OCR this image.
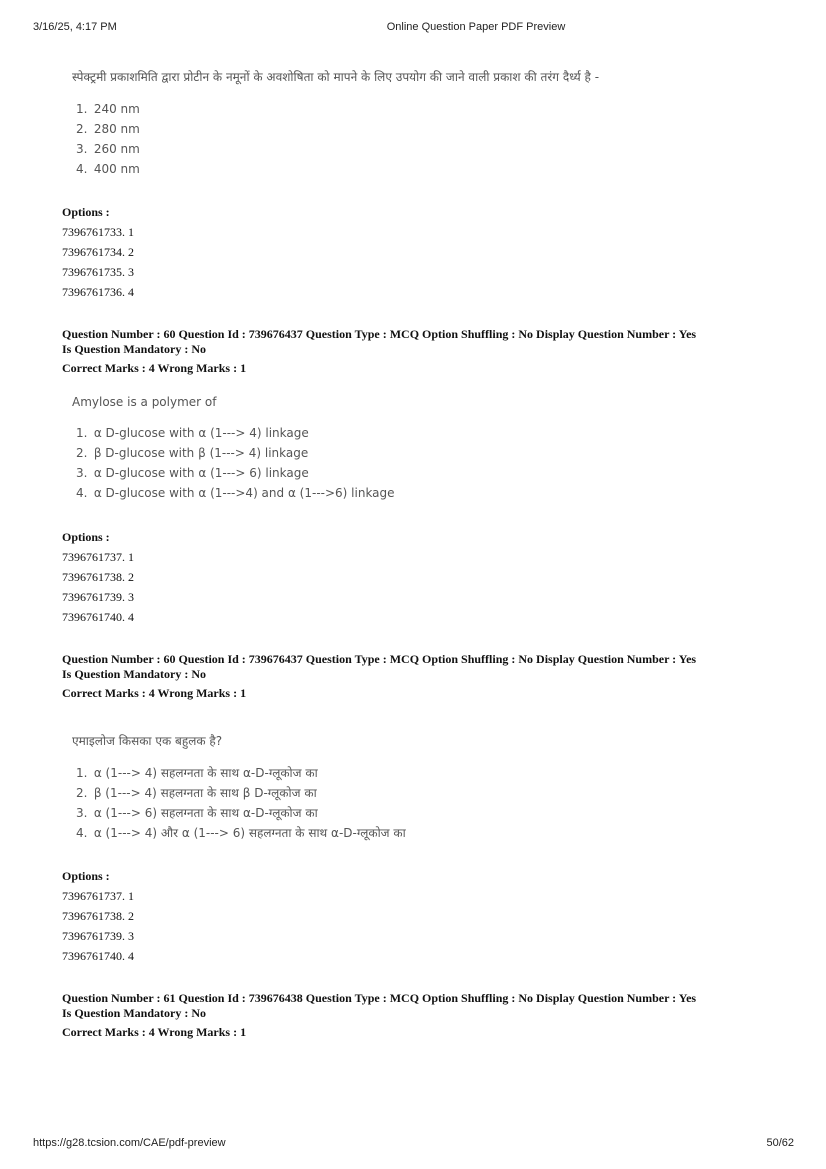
3/16/25, 4:17 PM	Online Question Paper PDF Preview
स्पेक्ट्रमी प्रकाशमिति द्वारा प्रोटीन के नमूनों के अवशोषिता को मापने के लिए उपयोग की जाने वाली प्रकाश की तरंग दैर्ध्य है -
1. 240 nm
2. 280 nm
3. 260 nm
4. 400 nm
Options :
7396761733. 1
7396761734. 2
7396761735. 3
7396761736. 4
Question Number : 60 Question Id : 739676437 Question Type : MCQ Option Shuffling : No Display Question Number : Yes
Is Question Mandatory : No
Correct Marks : 4 Wrong Marks : 1
Amylose is a polymer of
1. α D-glucose with α (1---> 4) linkage
2. β D-glucose with β (1---> 4) linkage
3. α D-glucose with α (1---> 6) linkage
4. α D-glucose with α (1--->4) and α (1--->6) linkage
Options :
7396761737. 1
7396761738. 2
7396761739. 3
7396761740. 4
Question Number : 60 Question Id : 739676437 Question Type : MCQ Option Shuffling : No Display Question Number : Yes
Is Question Mandatory : No
Correct Marks : 4 Wrong Marks : 1
एमाइलोज किसका एक बहुलक है?
1. α (1---> 4) सहलग्नता के साथ α-D-ग्लूकोज का
2. β (1---> 4) सहलग्नता के साथ β D-ग्लूकोज का
3. α (1---> 6) सहलग्नता के साथ α-D-ग्लूकोज का
4. α (1---> 4) और α (1---> 6) सहलग्नता के साथ α-D-ग्लूकोज का
Options :
7396761737. 1
7396761738. 2
7396761739. 3
7396761740. 4
Question Number : 61 Question Id : 739676438 Question Type : MCQ Option Shuffling : No Display Question Number : Yes
Is Question Mandatory : No
Correct Marks : 4 Wrong Marks : 1
https://g28.tcsion.com/CAE/pdf-preview	50/62
